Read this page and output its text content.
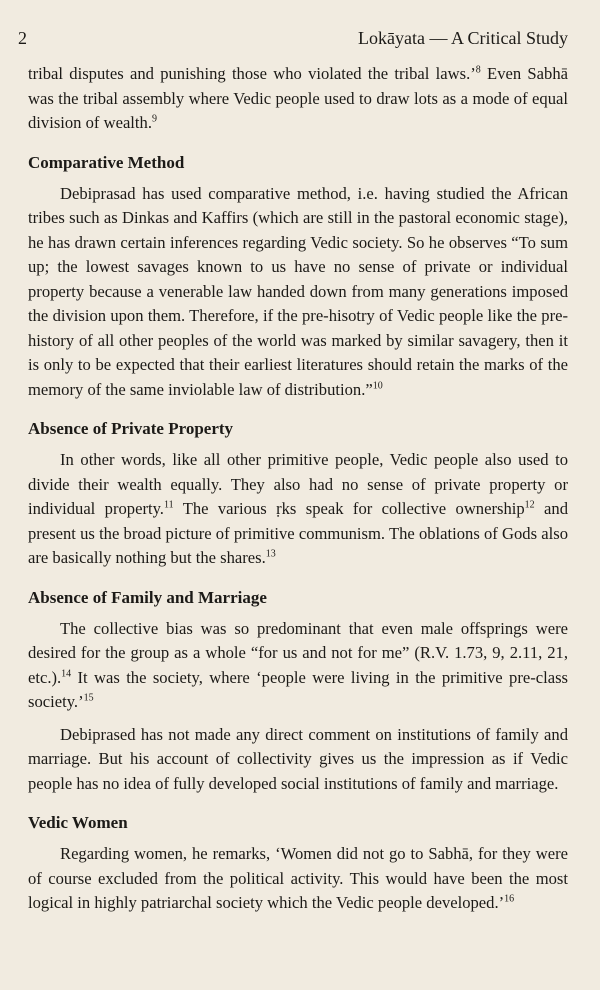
2	Lokāyata — A Critical Study

tribal disputes and punishing those who violated the tribal laws.’$^8$ Even Sabhā was the tribal assembly where Vedic people used to draw lots as a mode of equal division of wealth.$^9$

Comparative Method

Debiprasad has used comparative method, i.e. having studied the African tribes such as Dinkas and Kaffirs (which are still in the pastoral economic stage), he has drawn certain inferences regarding Vedic society. So he observes “To sum up; the lowest savages known to us have no sense of private or individual property because a venerable law handed down from many generations imposed the division upon them. Therefore, if the pre-hisotry of Vedic people like the pre-history of all other peoples of the world was marked by similar savagery, then it is only to be expected that their earliest literatures should retain the marks of the memory of the same inviolable law of distribution.”$^{10}$

Absence of Private Property

In other words, like all other primitive people, Vedic people also used to divide their wealth equally. They also had no sense of private property or individual property.$^{11}$ The various ṛks speak for collective ownership$^{12}$ and present us the broad picture of primitive communism. The oblations of Gods also are basically nothing but the shares.$^{13}$

Absence of Family and Marriage

The collective bias was so predominant that even male offsprings were desired for the group as a whole “for us and not for me” (R.V. 1.73, 9, 2.11, 21, etc.).$^{14}$ It was the society, where ‘people were living in the primitive pre-class society.’$^{15}$

Debiprased has not made any direct comment on institutions of family and marriage. But his account of collectivity gives us the impression as if Vedic people has no idea of fully developed social institutions of family and marriage.

Vedic Women

Regarding women, he remarks, ‘Women did not go to Sabhā, for they were of course excluded from the political activity. This would have been the most logical in highly patriarchal society which the Vedic people developed.’$^{16}$
